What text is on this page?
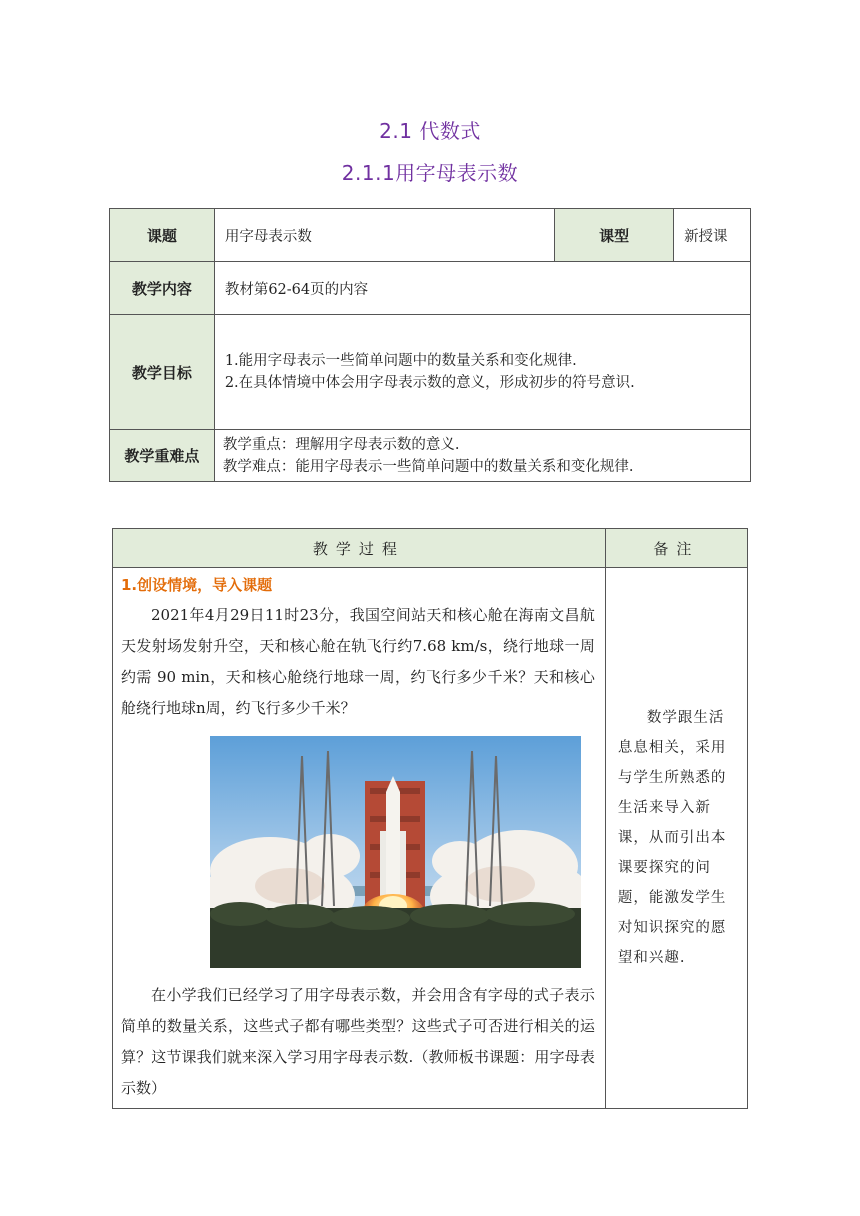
2.1 代数式
2.1.1用字母表示数
课题	用字母表示数	课型	新授课
教学内容	教材第62-64页的内容		
教学目标	1.能用字母表示一些简单问题中的数量关系和变化规律.

2.在具体情境中体会用字母表示数的意义，形成初步的符号意识.		

教学重难点	教学重点：理解用字母表示数的意义.

教学难点：能用字母表示一些简单问题中的数量关系和变化规律.		

教学过程	备注

1.创设情境，导入课题

2021年4月29日11时23分，我国空间站天和核心舱在海南文昌航天发射场发射升空，天和核心舱在轨飞行约7.68 km/s，绕行地球一周约需 90 min，天和核心舱绕行地球一周，约飞行多少千米？天和核心舱绕行地球n周，约飞行多少千米？

在小学我们已经学习了用字母表示数，并会用含有字母的式子表示简单的数量关系，这些式子都有哪些类型？这些式子可否进行相关的运算？这节课我们就来深入学习用字母表示数.（教师板书课题：用字母表示数）	数学跟生活息息相关，采用与学生所熟悉的生活来导入新课，从而引出本课要探究的问题，能激发学生对知识探究的愿望和兴趣.
